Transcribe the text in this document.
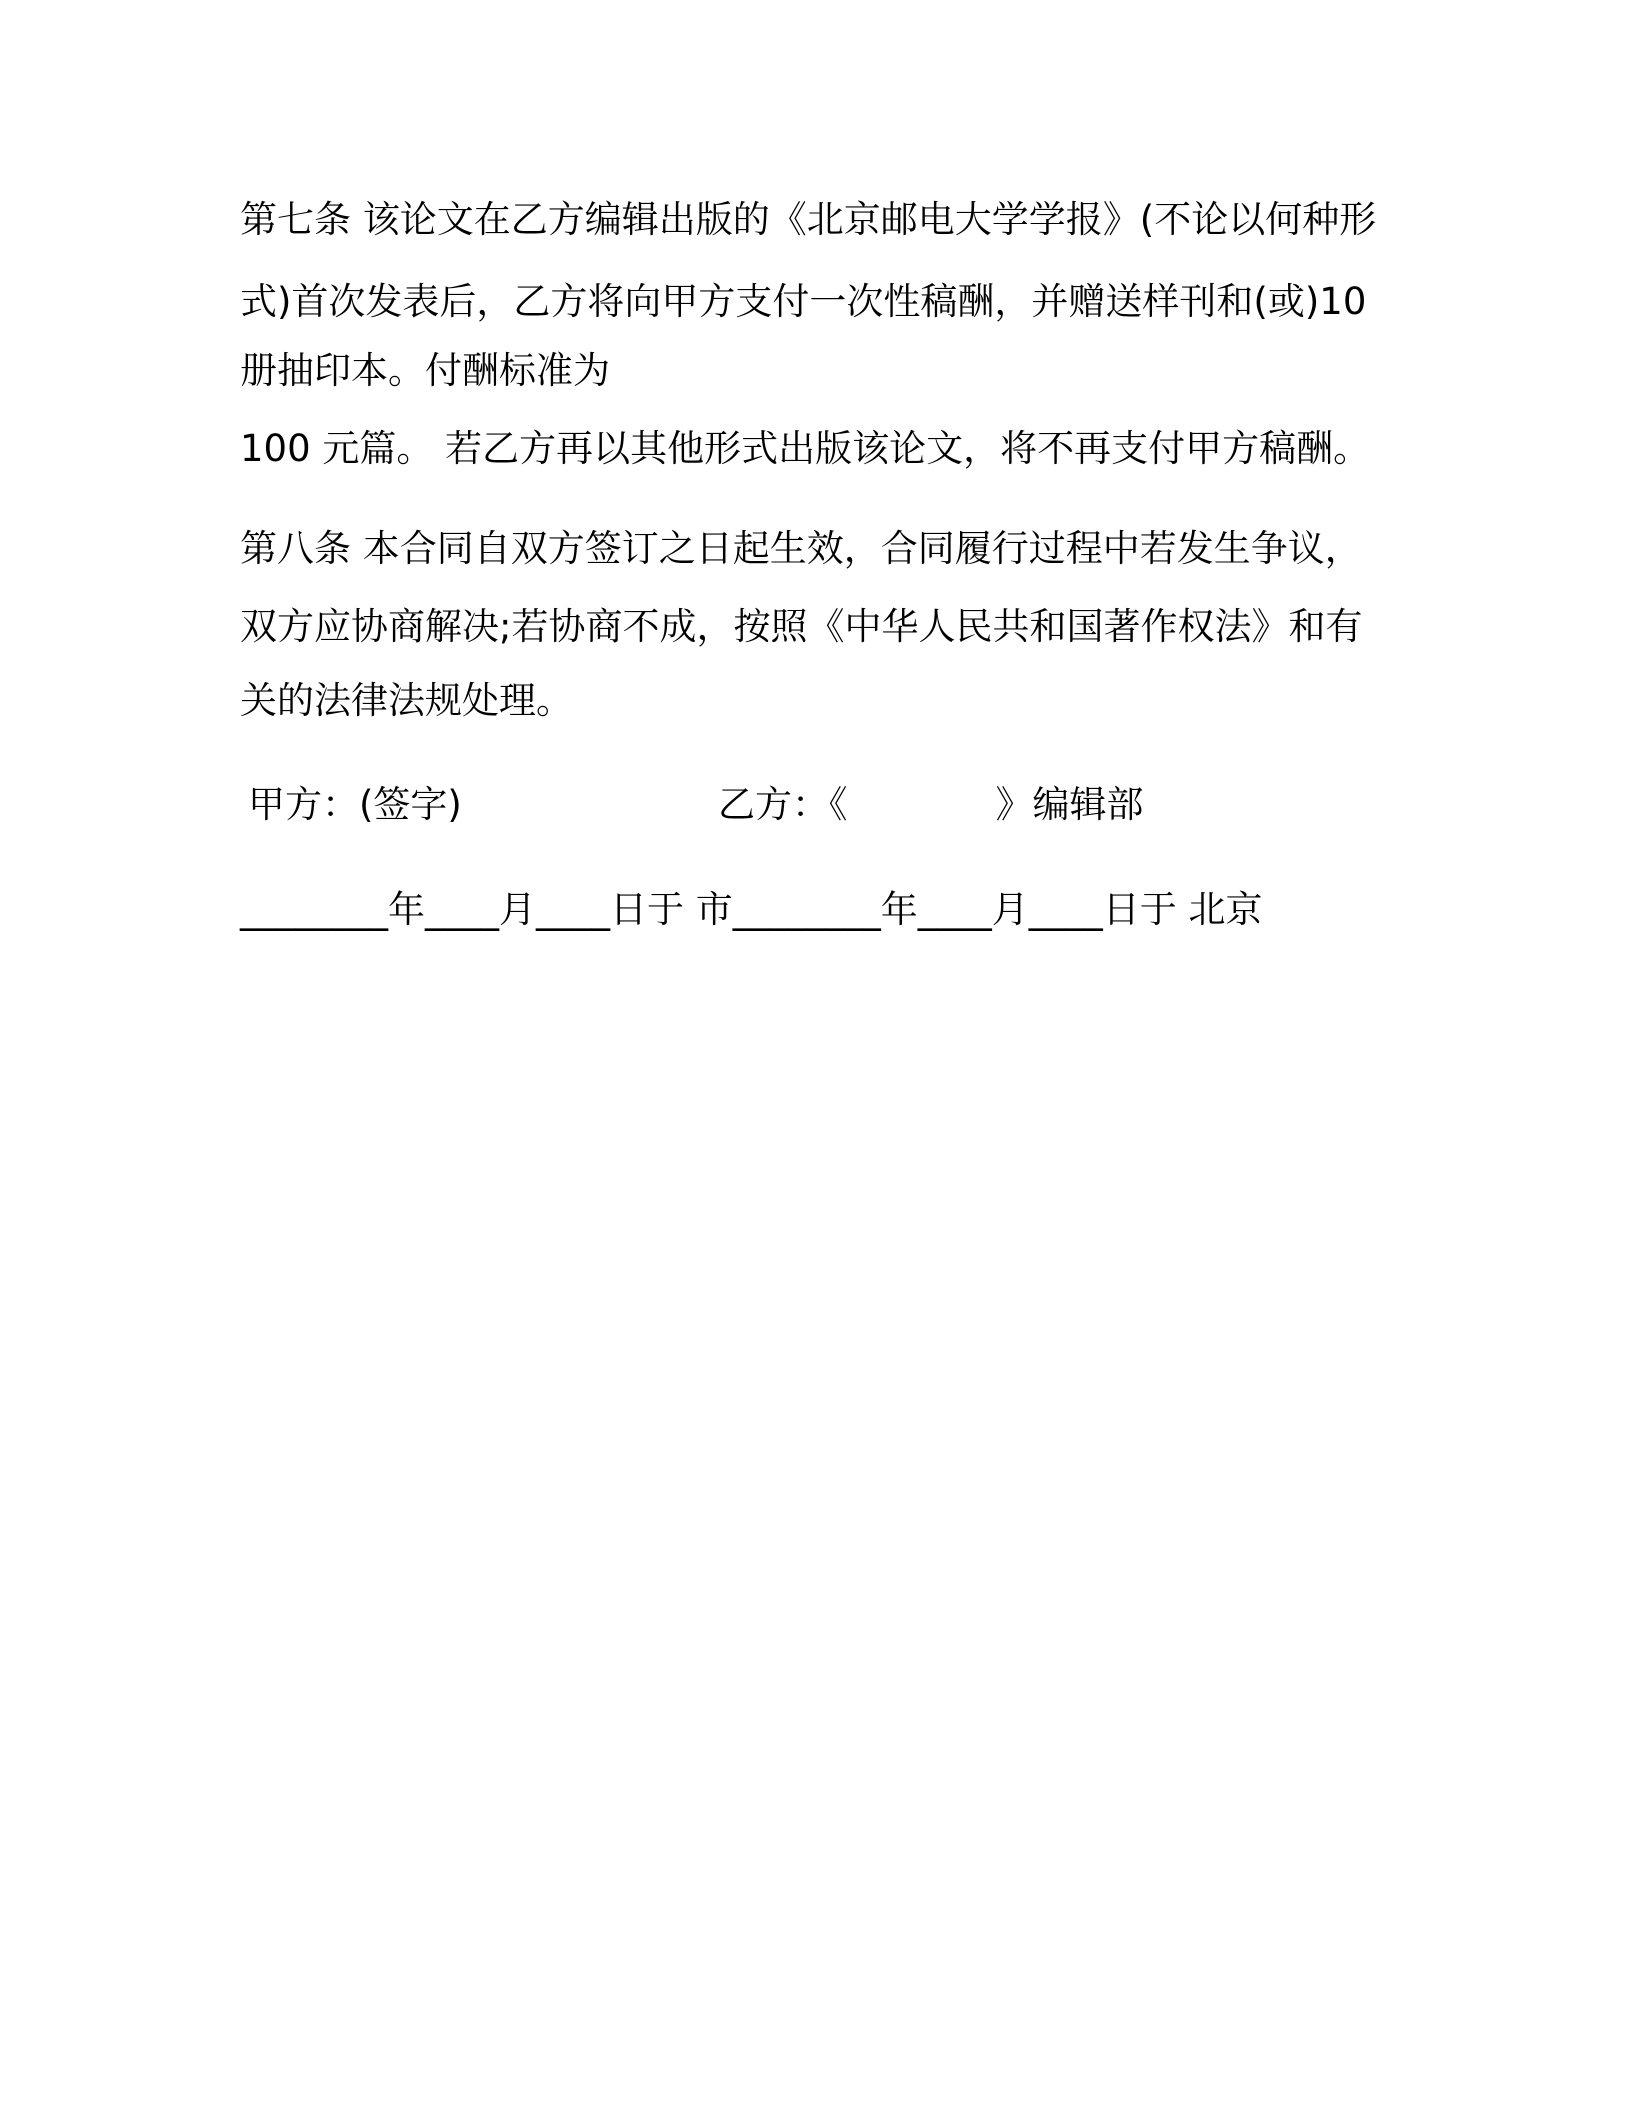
第七条 该论文在乙方编辑出版的《北京邮电大学学报》(不论以何种形
式)首次发表后，乙方将向甲方支付一次性稿酬，并赠送样刊和(或)10
册抽印本。付酬标准为
100 元篇。 若乙方再以其他形式出版该论文，将不再支付甲方稿酬。
第八条 本合同自双方签订之日起生效，合同履行过程中若发生争议，
双方应协商解决;若协商不成，按照《中华人民共和国著作权法》和有
关的法律法规处理。
甲方：(签字)	乙方：《　　　　》编辑部
________年____月____日于 市________年____月____日于 北京
